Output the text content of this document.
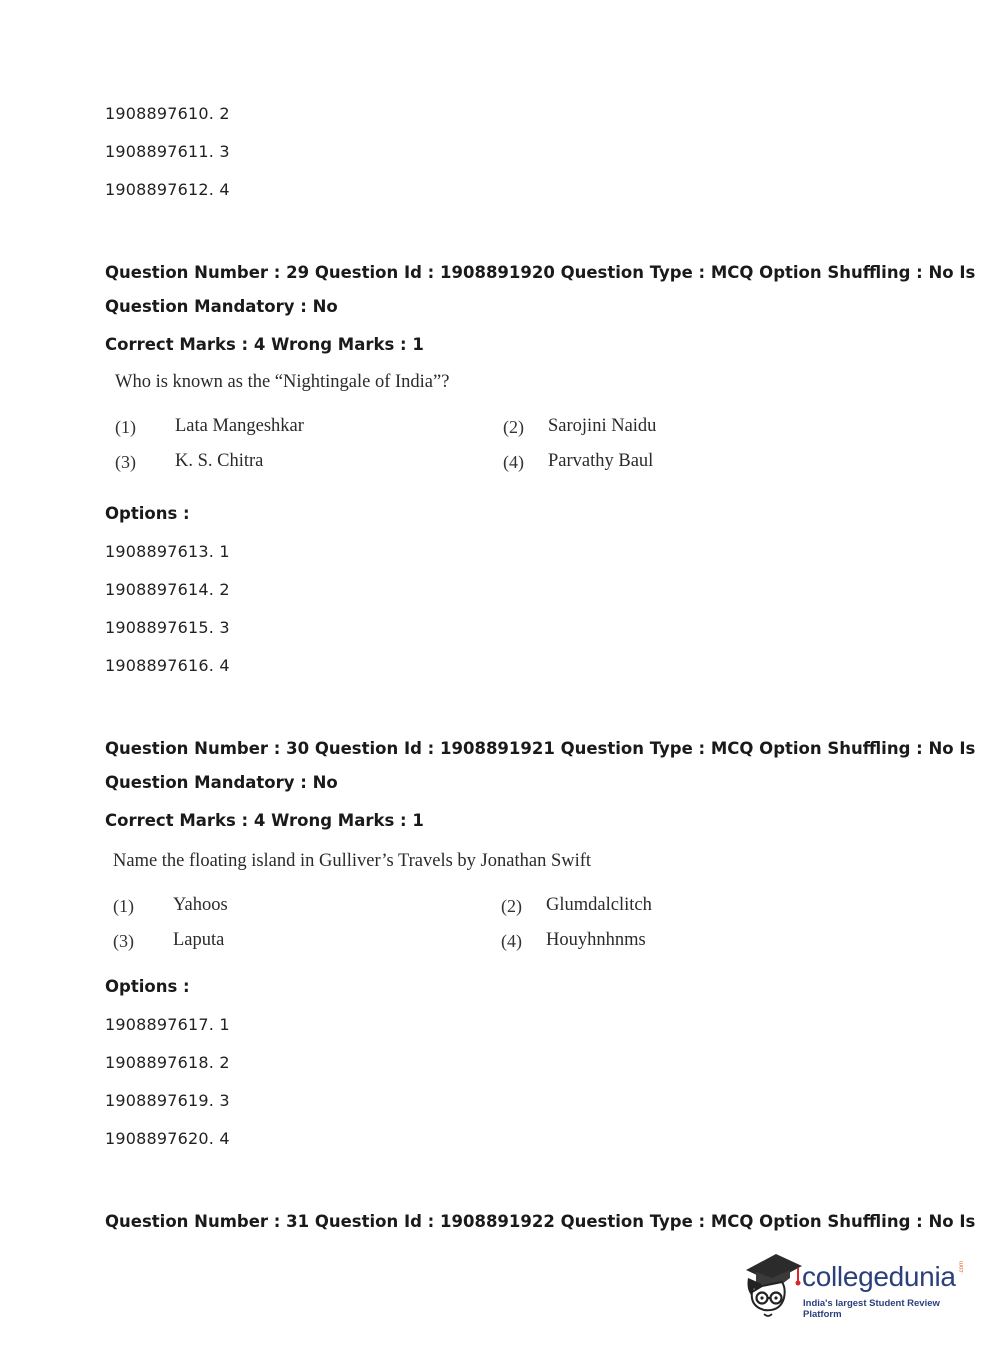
1908897610. 2
1908897611. 3
1908897612. 4
Question Number : 29 Question Id : 1908891920 Question Type : MCQ Option Shuffling : No Is
Question Mandatory : No
Correct Marks : 4 Wrong Marks : 1
Who is known as the “Nightingale of India”?
(1) Lata Mangeshkar	(2) Sarojini Naidu
(3) K. S. Chitra	(4) Parvathy Baul
Options :
1908897613. 1
1908897614. 2
1908897615. 3
1908897616. 4
Question Number : 30 Question Id : 1908891921 Question Type : MCQ Option Shuffling : No Is
Question Mandatory : No
Correct Marks : 4 Wrong Marks : 1
Name the floating island in Gulliver’s Travels by Jonathan Swift
(1) Yahoos	(2) Glumdalclitch
(3) Laputa	(4) Houyhnhnms
Options :
1908897617. 1
1908897618. 2
1908897619. 3
1908897620. 4
Question Number : 31 Question Id : 1908891922 Question Type : MCQ Option Shuffling : No Is
collegedunia .com
India's largest Student Review Platform
